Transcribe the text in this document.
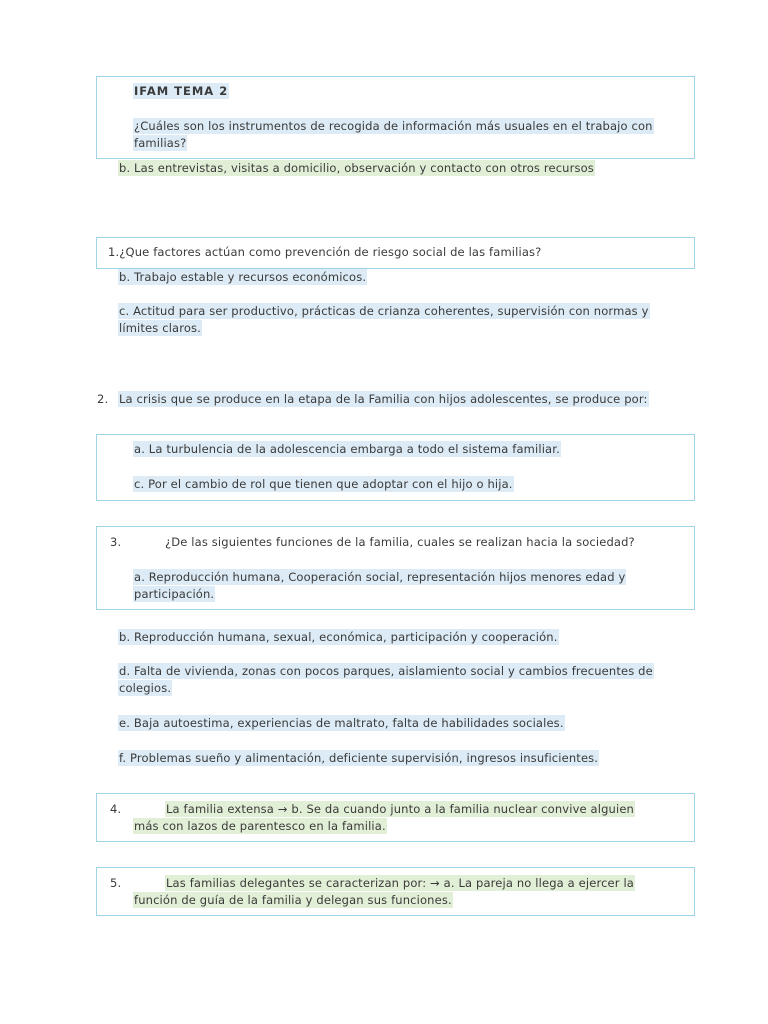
IFAM TEMA 2
¿Cuáles son los instrumentos de recogida de información más usuales en el trabajo con
familias?
b. Las entrevistas, visitas a domicilio, observación y contacto con otros recursos
1.¿Que factores actúan como prevención de riesgo social de las familias?
b. Trabajo estable y recursos económicos.
c. Actitud para ser productivo, prácticas de crianza coherentes, supervisión con normas y
límites claros.
2. La crisis que se produce en la etapa de la Familia con hijos adolescentes, se produce por:
a. La turbulencia de la adolescencia embarga a todo el sistema familiar.
c. Por el cambio de rol que tienen que adoptar con el hijo o hija.
3.	¿De las siguientes funciones de la familia, cuales se realizan hacia la sociedad?
a. Reproducción humana, Cooperación social, representación hijos menores edad y
participación.
b. Reproducción humana, sexual, económica, participación y cooperación.
d. Falta de vivienda, zonas con pocos parques, aislamiento social y cambios frecuentes de
colegios.
e. Baja autoestima, experiencias de maltrato, falta de habilidades sociales.
f. Problemas sueño y alimentación, deficiente supervisión, ingresos insuficientes.
4.	La familia extensa → b. Se da cuando junto a la familia nuclear convive alguien
más con lazos de parentesco en la familia.
5.	Las familias delegantes se caracterizan por: → a. La pareja no llega a ejercer la
función de guía de la familia y delegan sus funciones.
